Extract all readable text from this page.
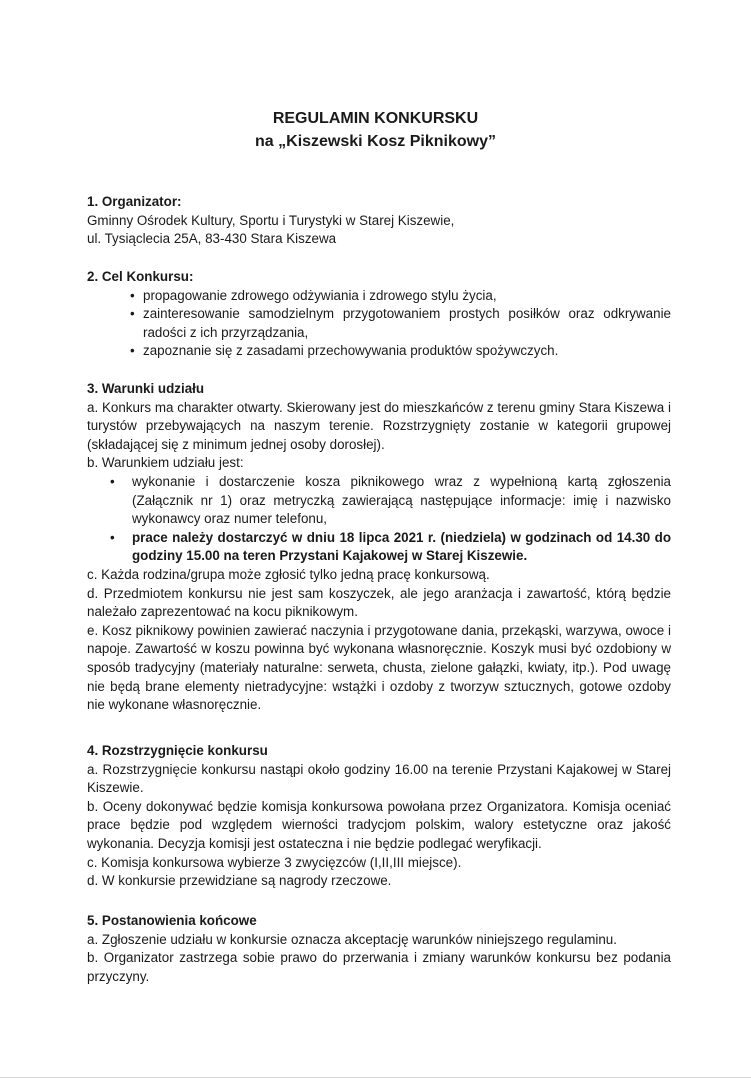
REGULAMIN KONKURSKU
na „Kiszewski Kosz Piknikowy”
1. Organizator:
Gminny Ośrodek Kultury, Sportu i Turystyki w Starej Kiszewie,
ul. Tysiąclecia 25A, 83-430 Stara Kiszewa
2. Cel Konkursu:
• propagowanie zdrowego odżywiania i zdrowego stylu życia,
• zainteresowanie samodzielnym przygotowaniem prostych posiłków oraz odkrywanie radości z ich przyrządzania,
• zapoznanie się z zasadami przechowywania produktów spożywczych.
3. Warunki udziału
a. Konkurs ma charakter otwarty. Skierowany jest do mieszkańców z terenu gminy Stara Kiszewa i turystów przebywających na naszym terenie. Rozstrzygnięty zostanie w kategorii grupowej (składającej się z minimum jednej osoby dorosłej).
b. Warunkiem udziału jest:
• wykonanie i dostarczenie kosza piknikowego wraz z wypełnioną kartą zgłoszenia (Załącznik nr 1) oraz metryczką zawierającą następujące informacje: imię i nazwisko wykonawcy oraz numer telefonu,
• prace należy dostarczyć w dniu 18 lipca 2021 r. (niedziela) w godzinach od 14.30 do godziny 15.00 na teren Przystani Kajakowej w Starej Kiszewie.
c. Każda rodzina/grupa może zgłosić tylko jedną pracę konkursową.
d. Przedmiotem konkursu nie jest sam koszyczek, ale jego aranżacja i zawartość, którą będzie należało zaprezentować na kocu piknikowym.
e. Kosz piknikowy powinien zawierać naczynia i przygotowane dania, przekąski, warzywa, owoce i napoje. Zawartość w koszu powinna być wykonana własnoręcznie. Koszyk musi być ozdobiony w sposób tradycyjny (materiały naturalne: serweta, chusta, zielone gałązki, kwiaty, itp.). Pod uwagę nie będą brane elementy nietradycyjne: wstążki i ozdoby z tworzyw sztucznych, gotowe ozdoby nie wykonane własnoręcznie.
4. Rozstrzygnięcie konkursu
a. Rozstrzygnięcie konkursu nastąpi około godziny 16.00 na terenie Przystani Kajakowej w Starej Kiszewie.
b. Oceny dokonywać będzie komisja konkursowa powołana przez Organizatora. Komisja oceniać prace będzie pod względem wierności tradycjom polskim, walory estetyczne oraz jakość wykonania. Decyzja komisji jest ostateczna i nie będzie podlegać weryfikacji.
c. Komisja konkursowa wybierze 3 zwycięzców (I,II,III miejsce).
d. W konkursie przewidziane są nagrody rzeczowe.
5. Postanowienia końcowe
a. Zgłoszenie udziału w konkursie oznacza akceptację warunków niniejszego regulaminu.
b. Organizator zastrzega sobie prawo do przerwania i zmiany warunków konkursu bez podania przyczyny.
